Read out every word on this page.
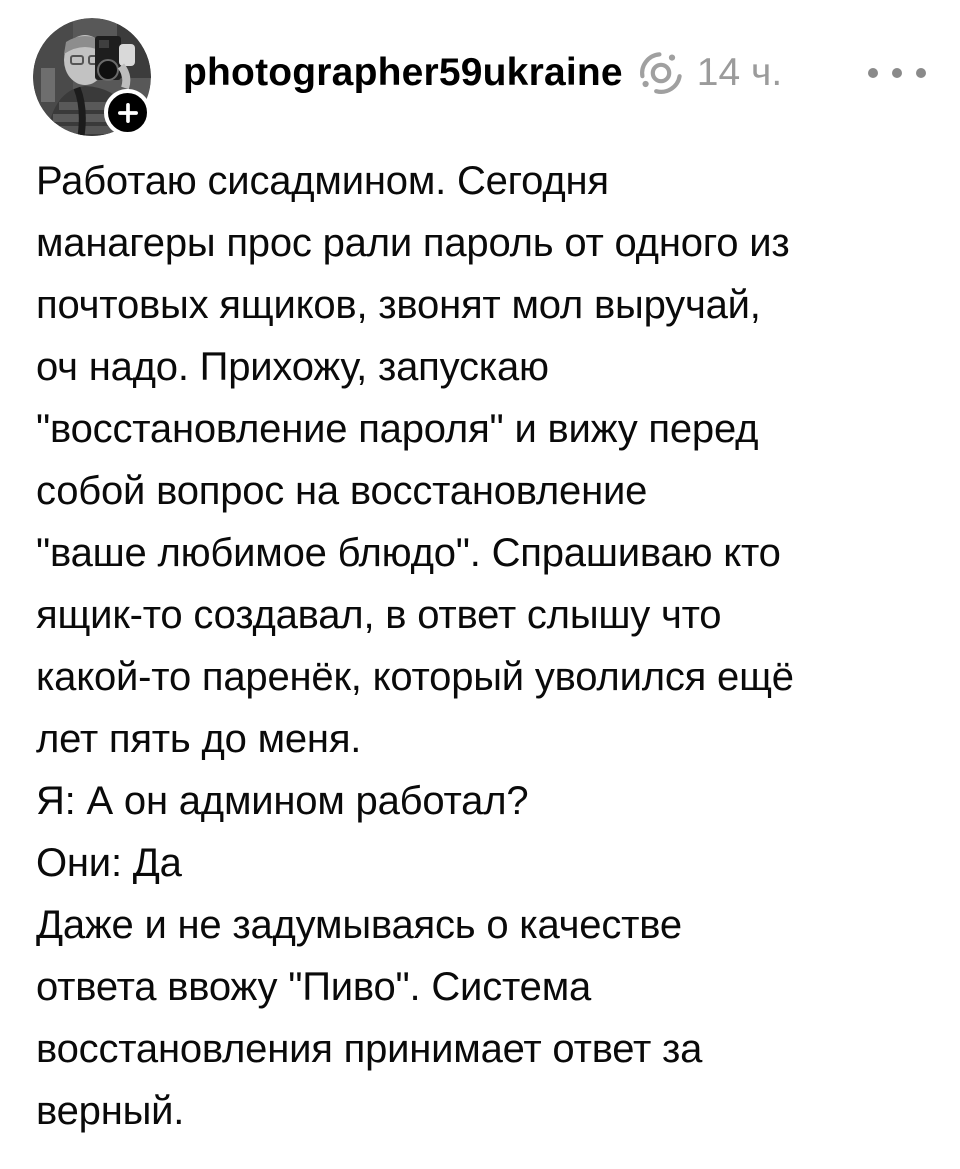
photographer59ukraine 14 ч.
Работаю сисадмином. Сегодня
манагеры прос рали пароль от одного из
почтовых ящиков, звонят мол выручай,
оч надо. Прихожу, запускаю
"восстановление пароля" и вижу перед
собой вопрос на восстановление
"ваше любимое блюдо". Спрашиваю кто
ящик-то создавал, в ответ слышу что
какой-то паренёк, который уволился ещё
лет пять до меня.
Я: А он админом работал?
Они: Да
Даже и не задумываясь о качестве
ответа ввожу "Пиво". Система
восстановления принимает ответ за
верный.
